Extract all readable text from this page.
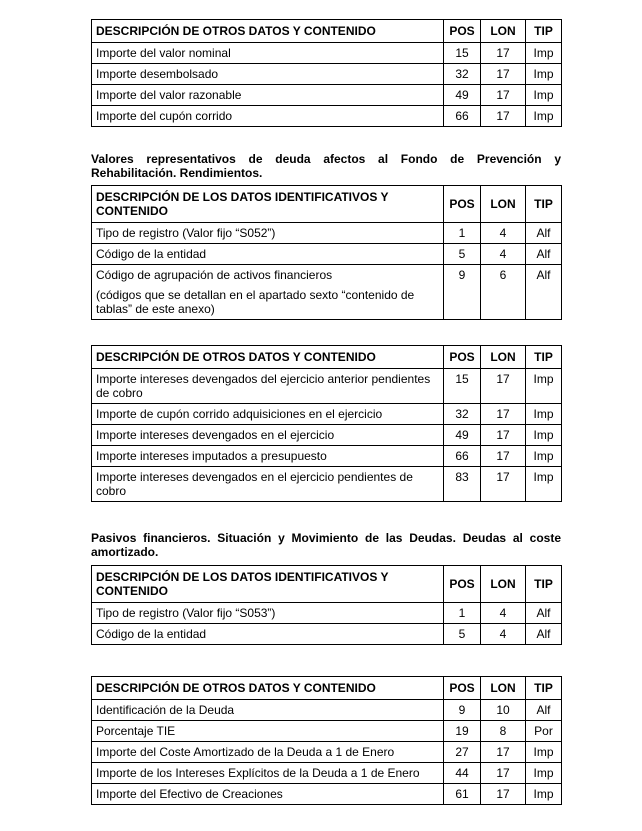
DESCRIPCIÓN DE OTROS DATOS Y CONTENIDO	POS	LON	TIP
Importe del valor nominal	15	17	Imp
Importe desembolsado	32	17	Imp
Importe del valor razonable	49	17	Imp
Importe del cupón corrido	66	17	Imp

Valores representativos de deuda afectos al Fondo de Prevención y Rehabilitación. Rendimientos.

DESCRIPCIÓN DE LOS DATOS IDENTIFICATIVOS Y CONTENIDO	POS	LON	TIP
Tipo de registro (Valor fijo “S052”)	1	4	Alf
Código de la entidad	5	4	Alf

Código de agrupación de activos financieros
(códigos que se detallan en el apartado sexto “contenido de tablas” de este anexo)	9	6	Alf
DESCRIPCIÓN DE OTROS DATOS Y CONTENIDO	POS	LON	TIP
Importe intereses devengados del ejercicio anterior pendientes de cobro	15	17	Imp
Importe de cupón corrido adquisiciones en el ejercicio	32	17	Imp
Importe intereses devengados en el ejercicio	49	17	Imp
Importe intereses imputados a presupuesto	66	17	Imp
Importe intereses devengados en el ejercicio pendientes de cobro	83	17	Imp

Pasivos financieros. Situación y Movimiento de las Deudas. Deudas al coste amortizado.

DESCRIPCIÓN DE LOS DATOS IDENTIFICATIVOS Y CONTENIDO	POS	LON	TIP
Tipo de registro (Valor fijo “S053”)	1	4	Alf
Código de la entidad	5	4	Alf
DESCRIPCIÓN DE OTROS DATOS Y CONTENIDO	POS	LON	TIP
Identificación de la Deuda	9	10	Alf
Porcentaje TIE	19	8	Por
Importe del Coste Amortizado de la Deuda a 1 de Enero	27	17	Imp
Importe de los Intereses Explícitos de la Deuda a 1 de Enero	44	17	Imp
Importe del Efectivo de Creaciones	61	17	Imp
